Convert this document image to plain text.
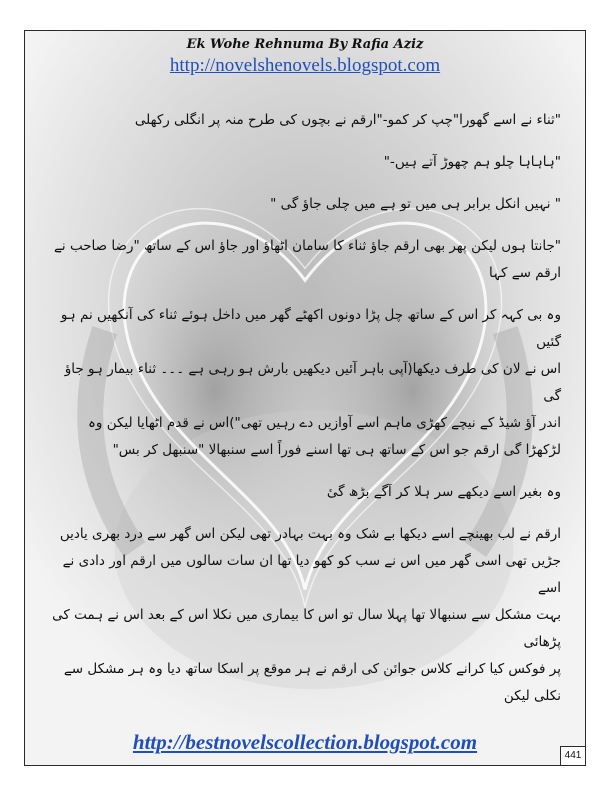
Ek Wohe Rehnuma By Rafia Aziz
http://novelshenovels.blogspot.com

"ثناء نے اسے گھورا"چپ کر کمو-"ارقم نے بچوں کی طرح منہ پر انگلی رکھلی

"ہاہاہا چلو ہم چھوڑ آتے ہیں-"

" نہیں انکل برابر ہی میں تو ہے میں چلی جاؤ گی "

"جانتا ہوں لیکن پھر بھی ارقم جاؤ ثناء کا سامان اٹھاؤ اور جاؤ اس کے ساتھ "رضا صاحب نے
ارقم سے کہا

وہ بی کہہ کر اس کے ساتھ چل پڑا دونوں اکھٹے گھر میں داخل ہوئے ثناء کی آنکھیں نم ہو گئیں
اس نے لان کی طرف دیکھا(آپی باہر آئیں دیکھیں بارش ہو رہی ہے ۔۔۔ ثناء بیمار ہو جاؤ گی
اندر آؤ شیڈ کے نیچے کھڑی ماہم اسے آوازیں دے رہیں تھی")اس نے قدم اٹھایا لیکن وہ
لڑکھڑا گی ارقم جو اس کے ساتھ ہی تھا اسنے فوراً اسے سنبھالا "سنبھل کر بس"

وہ بغیر اسے دیکھے سر ہلا کر آگے بڑھ گیٔ

ارقم نے لب بھینچے اسے دیکھا بے شک وہ بہت بہادر تھی لیکن اس گھر سے درد بھری یادیں
جڑیں تھی اسی گھر میں اس نے سب کو کھو دیا تھا ان سات سالوں میں ارقم اور دادی نے اسے
بہت مشکل سے سنبھالا تھا پہلا سال تو اس کا بیماری میں نکلا اس کے بعد اس نے ہمت کی پڑھائی
پر فوکس کیا کرانے کلاس جوائن کی ارقم نے ہر موقع پر اسکا ساتھ دیا وہ ہر مشکل سے نکلی لیکن

http://bestnovelscollection.blogspot.com
441
